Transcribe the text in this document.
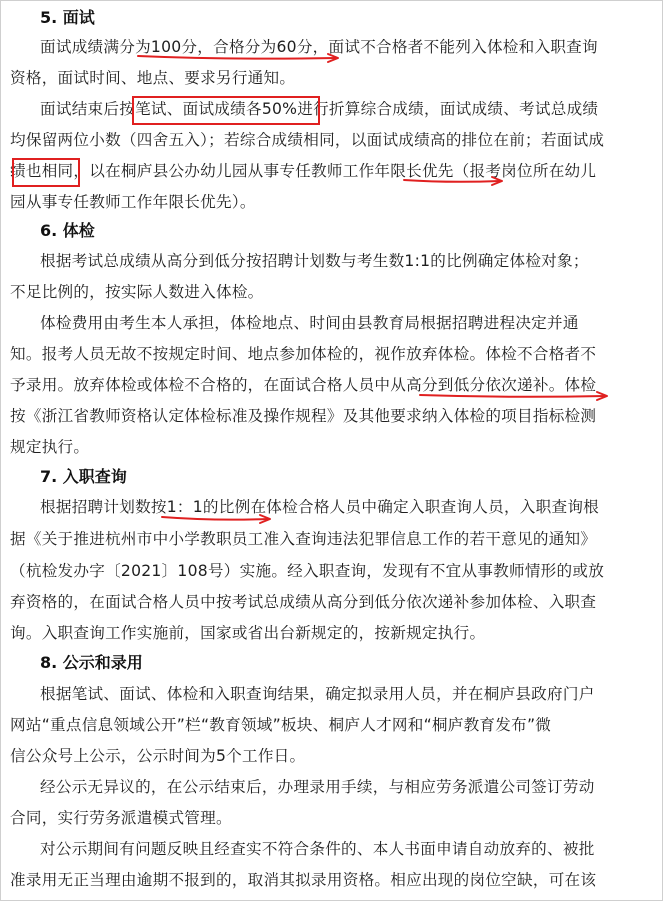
5. 面试
面试成绩满分为100分，合格分为60分，面试不合格者不能列入体检和入职查询
资格，面试时间、地点、要求另行通知。
面试结束后按笔试、面试成绩各50%进行折算综合成绩，面试成绩、考试总成绩
均保留两位小数（四舍五入）；若综合成绩相同，以面试成绩高的排位在前；若面试成
绩也相同，以在桐庐县公办幼儿园从事专任教师工作年限长优先（报考岗位所在幼儿
园从事专任教师工作年限长优先）。
6. 体检
根据考试总成绩从高分到低分按招聘计划数与考生数1:1的比例确定体检对象；
不足比例的，按实际人数进入体检。
体检费用由考生本人承担，体检地点、时间由县教育局根据招聘进程决定并通
知。报考人员无故不按规定时间、地点参加体检的，视作放弃体检。体检不合格者不
予录用。放弃体检或体检不合格的，在面试合格人员中从高分到低分依次递补。体检
按《浙江省教师资格认定体检标准及操作规程》及其他要求纳入体检的项目指标检测
规定执行。
7. 入职查询
根据招聘计划数按1：1的比例在体检合格人员中确定入职查询人员，入职查询根
据《关于推进杭州市中小学教职员工准入查询违法犯罪信息工作的若干意见的通知》
（杭检发办字〔2021〕108号）实施。经入职查询，发现有不宜从事教师情形的或放
弃资格的，在面试合格人员中按考试总成绩从高分到低分依次递补参加体检、入职查
询。入职查询工作实施前，国家或省出台新规定的，按新规定执行。
8. 公示和录用
根据笔试、面试、体检和入职查询结果，确定拟录用人员，并在桐庐县政府门户
网站“重点信息领域公开”栏“教育领域”板块、桐庐人才网和“桐庐教育发布”微
信公众号上公示，公示时间为5个工作日。
经公示无异议的，在公示结束后，办理录用手续，与相应劳务派遣公司签订劳动
合同，实行劳务派遣模式管理。
对公示期间有问题反映且经查实不符合条件的、本人书面申请自动放弃的、被批
准录用无正当理由逾期不报到的，取消其拟录用资格。相应出现的岗位空缺，可在该
